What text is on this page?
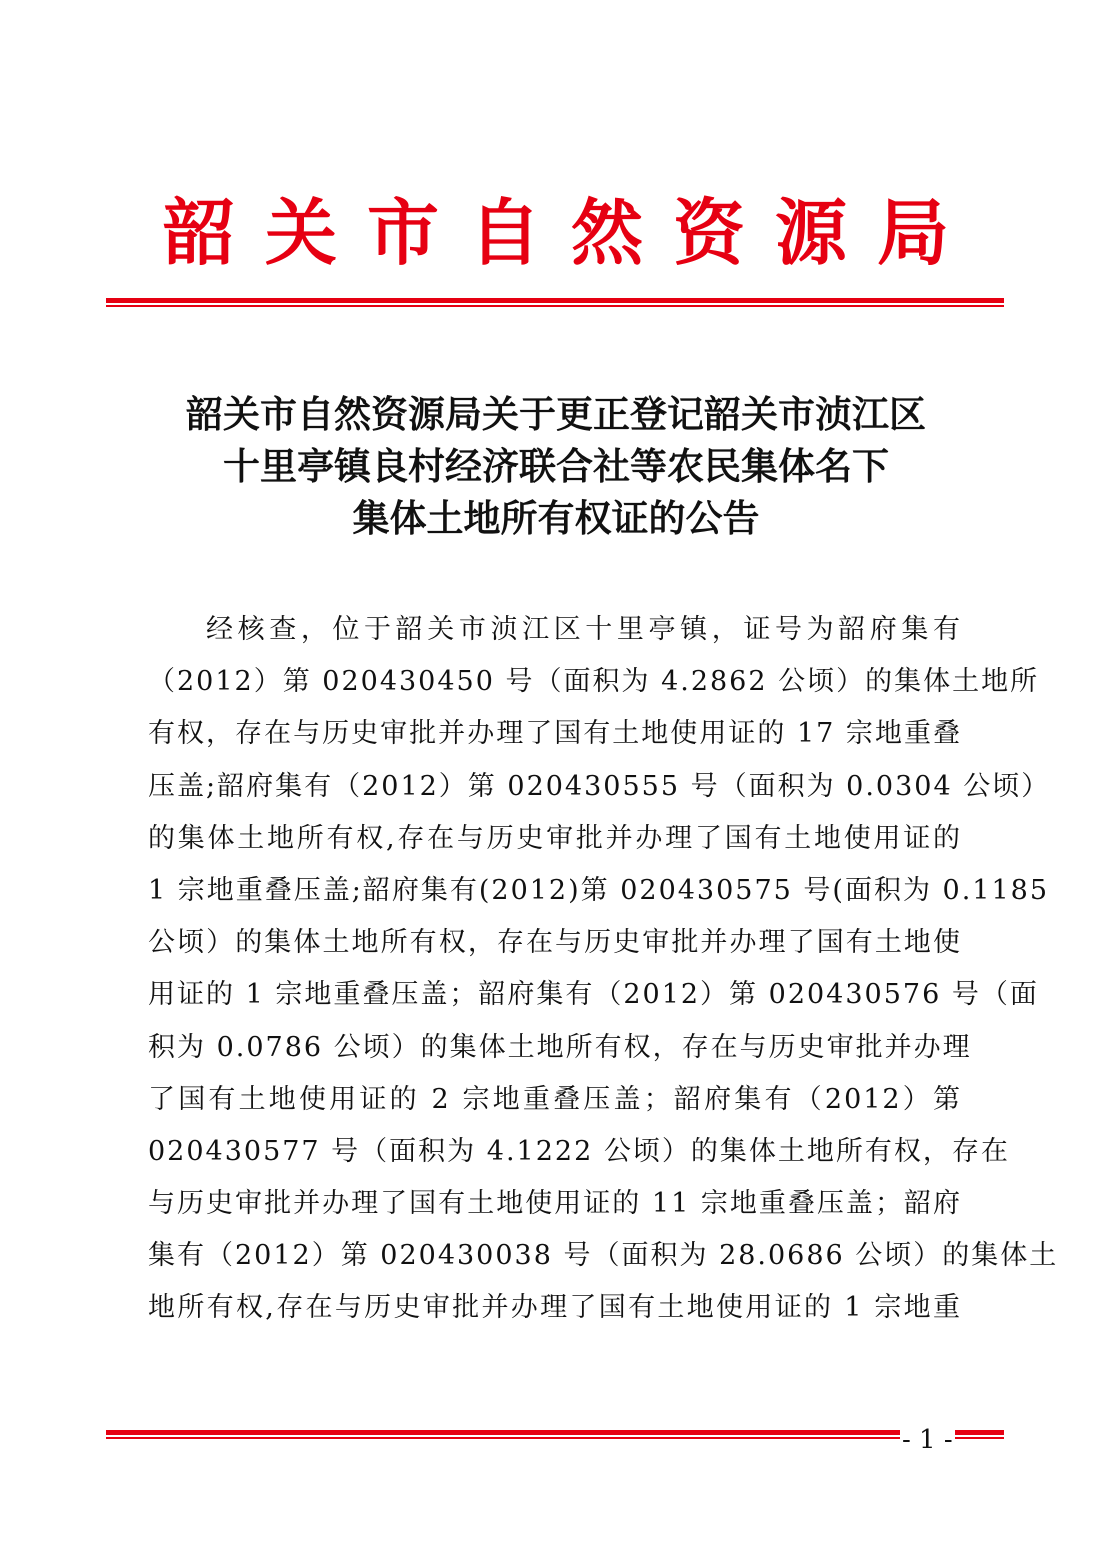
韶关市自然资源局
韶关市自然资源局关于更正登记韶关市浈江区
十里亭镇良村经济联合社等农民集体名下
集体土地所有权证的公告
经核查，位于韶关市浈江区十里亭镇，证号为韶府集有
（2012）第 020430450 号（面积为 4.2862 公顷）的集体土地所
有权，存在与历史审批并办理了国有土地使用证的 17 宗地重叠
压盖;韶府集有（2012）第 020430555 号（面积为 0.0304 公顷）
的集体土地所有权,存在与历史审批并办理了国有土地使用证的
1 宗地重叠压盖;韶府集有(2012)第 020430575 号(面积为 0.1185
公顷）的集体土地所有权，存在与历史审批并办理了国有土地使
用证的 1 宗地重叠压盖；韶府集有（2012）第 020430576 号（面
积为 0.0786 公顷）的集体土地所有权，存在与历史审批并办理
了国有土地使用证的 2 宗地重叠压盖；韶府集有（2012）第
020430577 号（面积为 4.1222 公顷）的集体土地所有权，存在
与历史审批并办理了国有土地使用证的 11 宗地重叠压盖；韶府
集有（2012）第 020430038 号（面积为 28.0686 公顷）的集体土
地所有权,存在与历史审批并办理了国有土地使用证的 1 宗地重
- 1 -
